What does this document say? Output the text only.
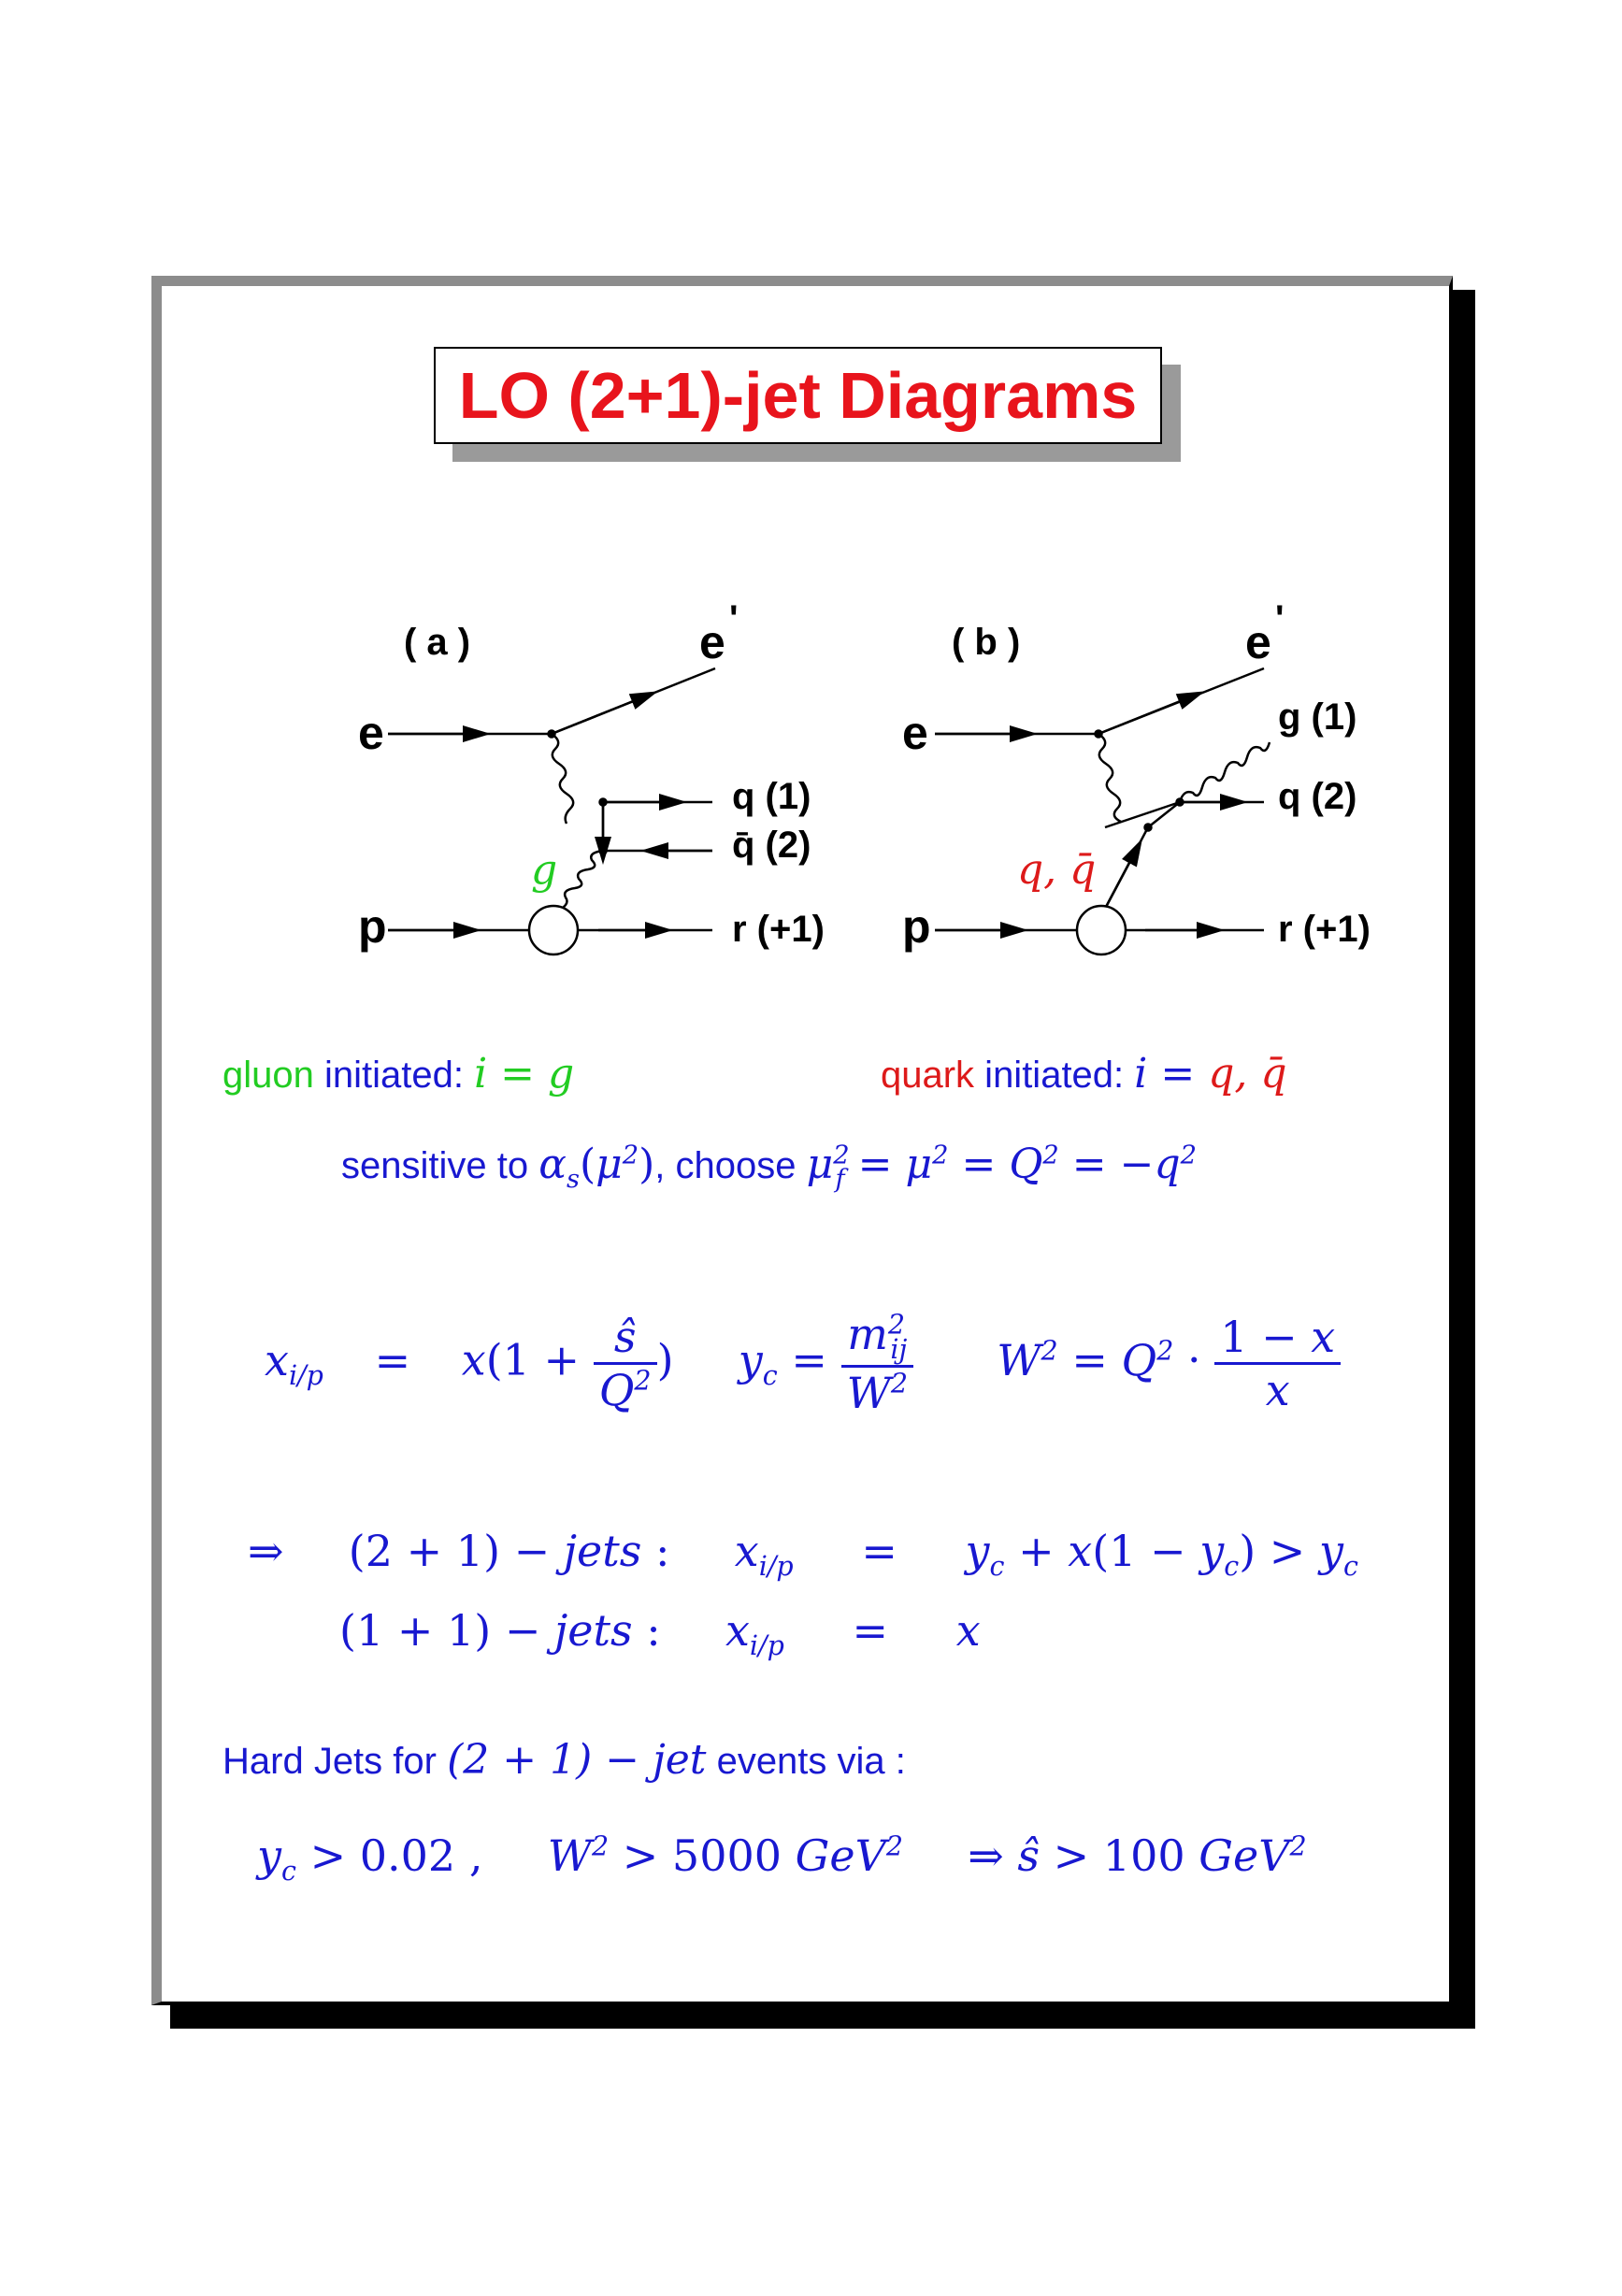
LO (2+1)-jet Diagrams
( a )	e '
e
q (1)
q̄ (2)
g
p	r (+1)
( b )	e '
e	g (1)
q (2)
q, q̄
p	r (+1)
gluon initiated: i = g	quark initiated: i = q, q̄
sensitive to $\alpha_s(\mu^2)$, choose $\mu^2_f = \mu^2 = Q^2 = -q^2$
$x_{i/p} = x(1 + \frac{ŝ}{Q^2}$ ) $y_c = \frac{m^2_{ij}}{W^2} W^2 = Q^2 \cdot \frac{1 - x}{x}$
⇒ (2 + 1) − jets : $x_{i/p} = y_c + x(1 - y_c) > y_c$
(1 + 1) − jets : $x_{i/p} = x$
Hard Jets for (2 + 1) − jet events via :
$y_c > 0.02$ , $W^2 > 5000$ GeV$^2$ ⇒ ŝ > 100 GeV$^2$
